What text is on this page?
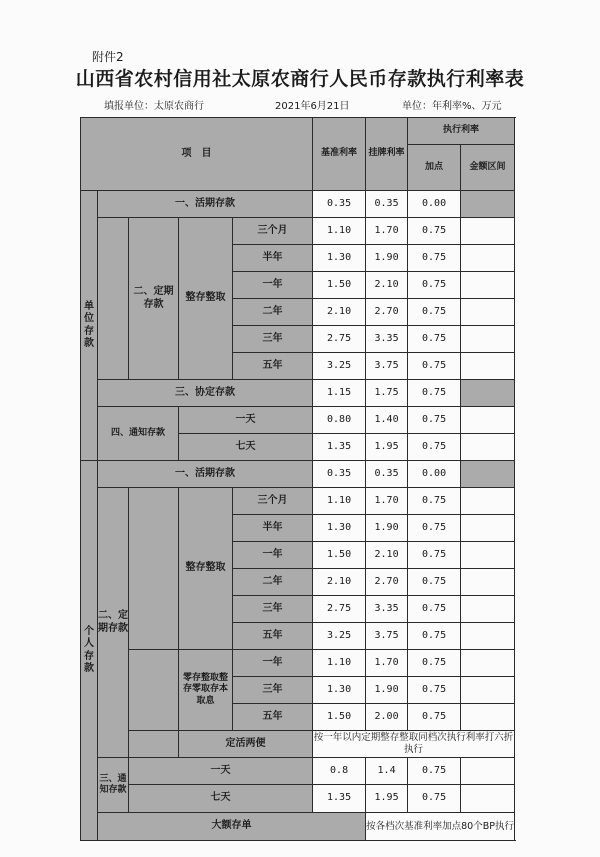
附件2
山西省农村信用社太原农商行人民币存款执行利率表
填报单位：太原农商行	2021年6月21日	单位：年利率%、万元
项　目					基准利率	挂牌利率	执行利率		
							加点	金额区间	
单位存款	一、活期存款				0.35	0.35	0.00		
		二、定期存款	整存整取	三个月	1.10	1.70	0.75		
				半年	1.30	1.90	0.75		
				一年	1.50	2.10	0.75		
				二年	2.10	2.70	0.75		
				三年	2.75	3.35	0.75		
				五年	3.25	3.75	0.75		
	三、协定存款				1.15	1.75	0.75		
	四、通知存款		一天		0.80	1.40	0.75		
			七天		1.35	1.95	0.75		
个人存款	一、活期存款				0.35	0.35	0.00		
	二、定期存款		整存整取	三个月	1.10	1.70	0.75		
				半年	1.30	1.90	0.75		
				一年	1.50	2.10	0.75		
				二年	2.10	2.70	0.75		
				三年	2.75	3.35	0.75		
				五年	3.25	3.75	0.75		
			零存整取整存零取存本取息	一年	1.10	1.70	0.75		
				三年	1.30	1.90	0.75		
				五年	1.50	2.00	0.75		
			定活两便		按一年以内定期整存整取同档次执行利率打六折执行				
	三、通知存款	一天			0.8	1.4	0.75		
		七天			1.35	1.95	0.75		
	大额存单					按各档次基准利率加点80个BP执行			
